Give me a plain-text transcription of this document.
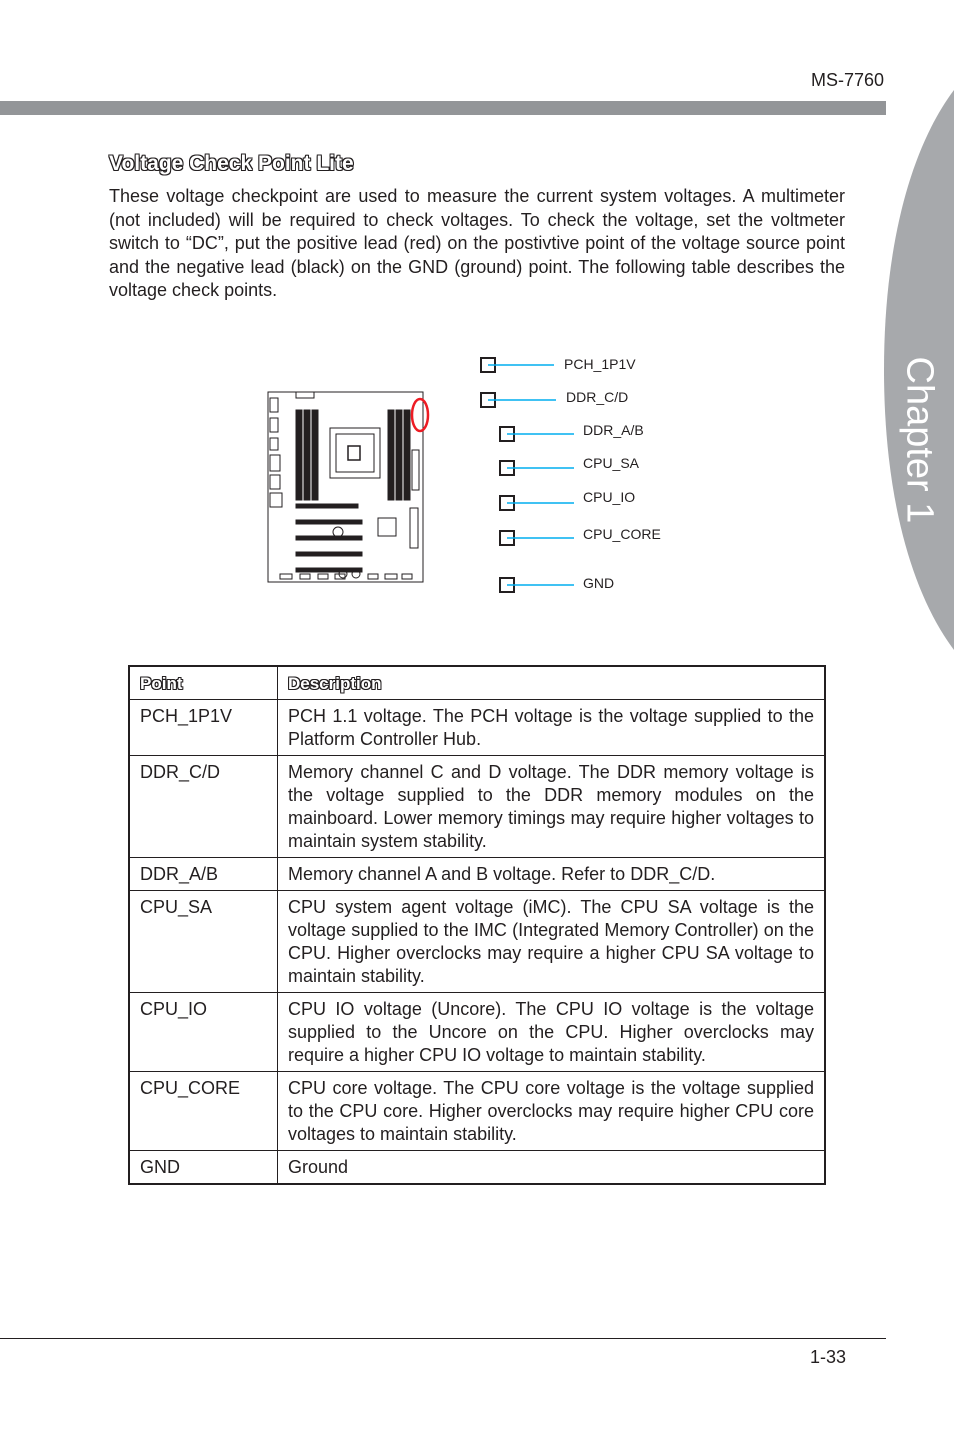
MS-7760
Voltage Check Point Lite

These voltage checkpoint are used to measure the current system voltages. A multimeter (not included) will be required to check voltages. To check the voltage, set the voltmeter switch to “DC”, put the positive lead (red) on the postivtive point of the voltage source point and the negative lead (black) on the GND (ground) point. The following table describes the voltage check points.

PCH_1P1V
DDR_C/D
DDR_A/B
CPU_SA
CPU_IO
CPU_CORE
GND
Point	Description
PCH_1P1V	PCH 1.1 voltage. The PCH voltage is the voltage supplied to the Platform Controller Hub.
DDR_C/D	Memory channel C and D voltage. The DDR memory voltage is the voltage supplied to the DDR memory modules on the mainboard. Lower memory timings may require higher voltages to maintain system stability.
DDR_A/B	Memory channel A and B voltage. Refer to DDR_C/D.
CPU_SA	CPU system agent voltage (iMC). The CPU SA voltage is the voltage supplied to the IMC (Integrated Memory Controller) on the CPU. Higher overclocks may require a higher CPU SA voltage to maintain stability.
CPU_IO	CPU IO voltage (Uncore). The CPU IO voltage is the voltage supplied to the Uncore on the CPU. Higher overclocks may require a higher CPU IO voltage to maintain stability.
CPU_CORE	CPU core voltage. The CPU core voltage is the voltage supplied to the CPU core. Higher overclocks may require higher CPU core voltages to maintain stability.
GND	Ground
1-33
